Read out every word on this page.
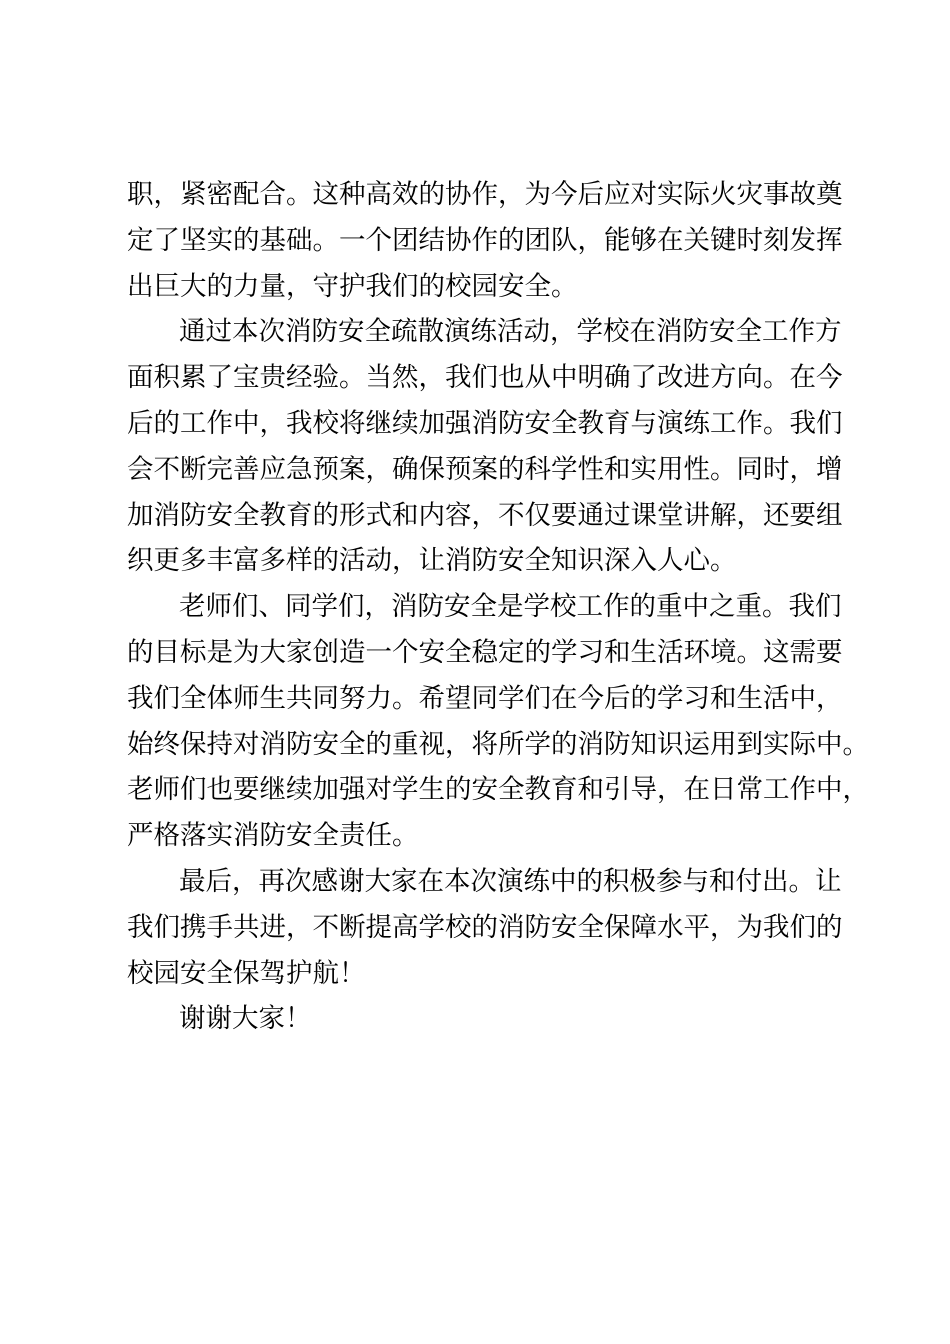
职，紧密配合。这种高效的协作，为今后应对实际火灾事故奠
定了坚实的基础。一个团结协作的团队，能够在关键时刻发挥
出巨大的力量，守护我们的校园安全。
通过本次消防安全疏散演练活动，学校在消防安全工作方
面积累了宝贵经验。当然，我们也从中明确了改进方向。在今
后的工作中，我校将继续加强消防安全教育与演练工作。我们
会不断完善应急预案，确保预案的科学性和实用性。同时，增
加消防安全教育的形式和内容，不仅要通过课堂讲解，还要组
织更多丰富多样的活动，让消防安全知识深入人心。
老师们、同学们，消防安全是学校工作的重中之重。我们
的目标是为大家创造一个安全稳定的学习和生活环境。这需要
我们全体师生共同努力。希望同学们在今后的学习和生活中，
始终保持对消防安全的重视，将所学的消防知识运用到实际中。
老师们也要继续加强对学生的安全教育和引导，在日常工作中，
严格落实消防安全责任。
最后，再次感谢大家在本次演练中的积极参与和付出。让
我们携手共进，不断提高学校的消防安全保障水平，为我们的
校园安全保驾护航！
谢谢大家！
